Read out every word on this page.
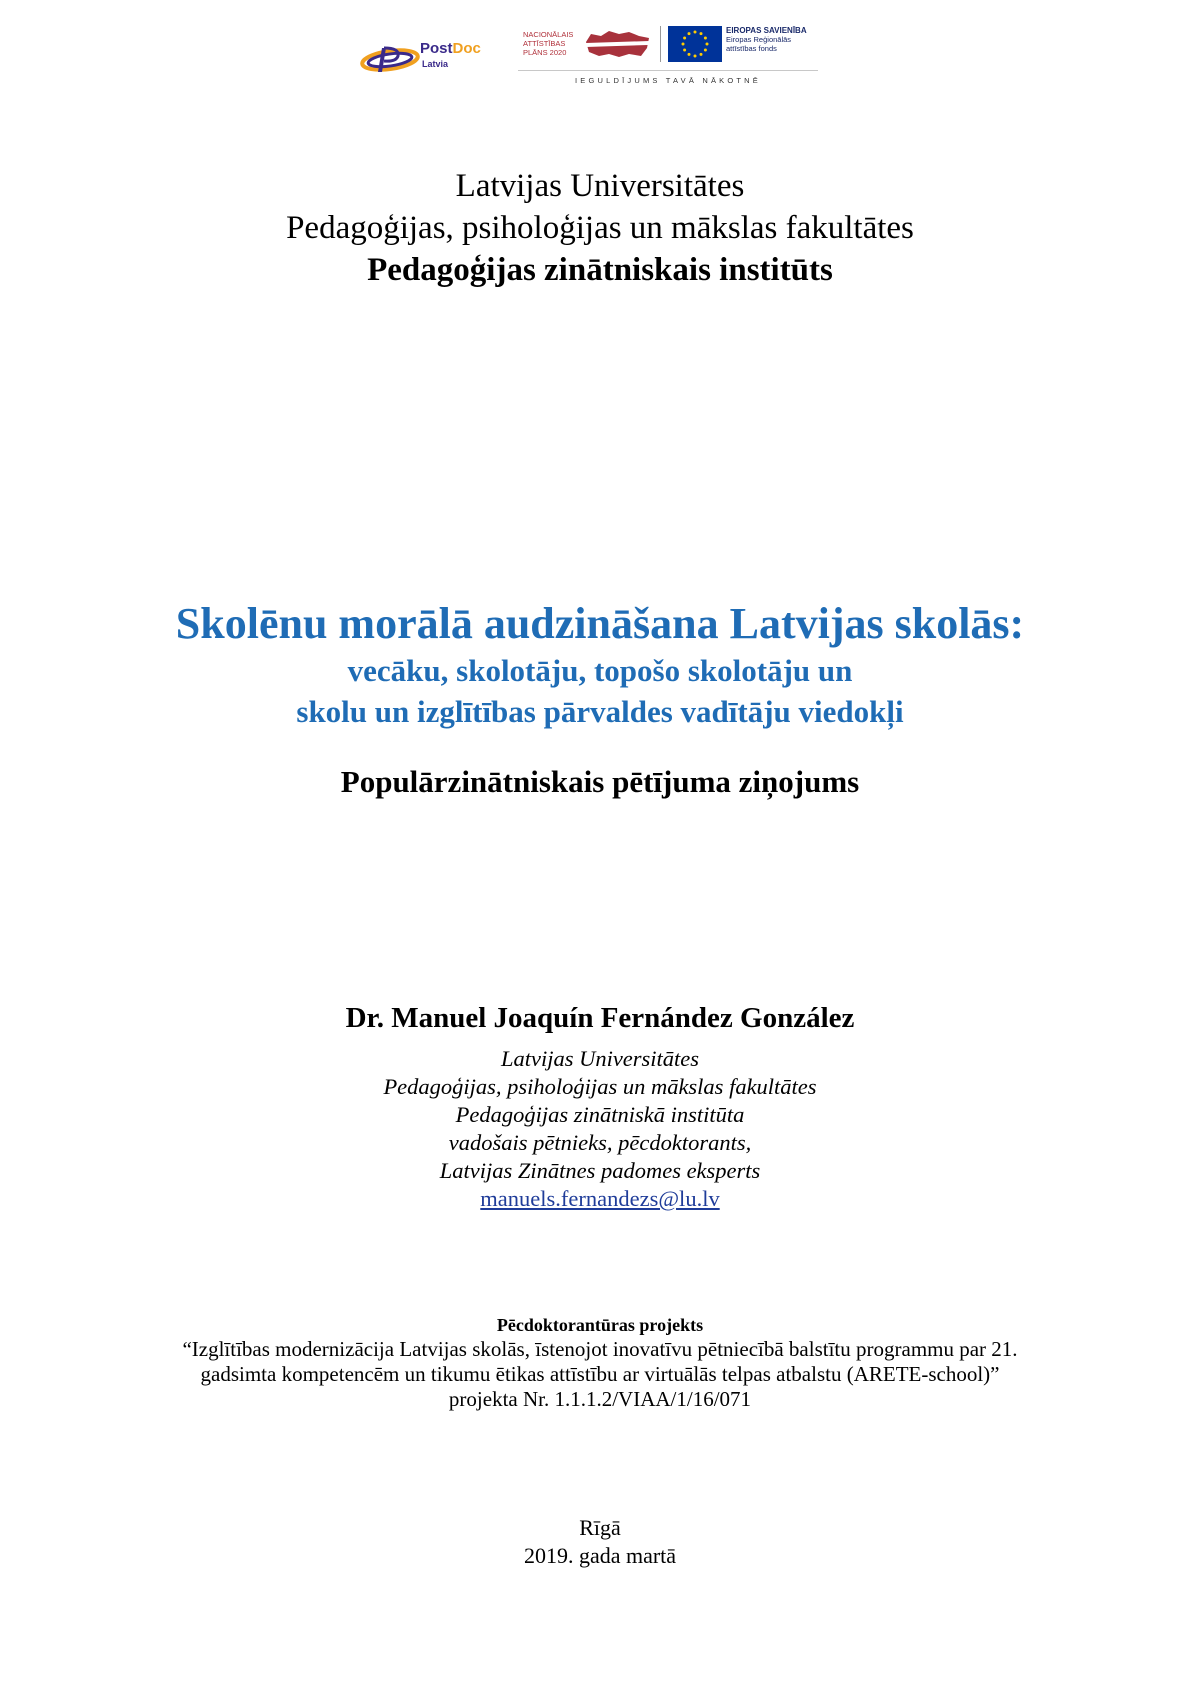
PostDoc
Latvia
NACIONĀLAIS
ATTĪSTĪBAS
PLĀNS 2020
EIROPAS SAVIENĪBA
Eiropas Reģionālās
attīstības fonds
IEGULDĪJUMS TAVĀ NĀKOTNĒ
Latvijas Universitātes
Pedagoģijas, psiholoģijas un mākslas fakultātes
Pedagoģijas zinātniskais institūts
Skolēnu morālā audzināšana Latvijas skolās:
vecāku, skolotāju, topošo skolotāju un
skolu un izglītības pārvaldes vadītāju viedokļi
Populārzinātniskais pētījuma ziņojums
Dr. Manuel Joaquín Fernández González
Latvijas Universitātes
Pedagoģijas, psiholoģijas un mākslas fakultātes
Pedagoģijas zinātniskā institūta
vadošais pētnieks, pēcdoktorants,
Latvijas Zinātnes padomes eksperts
manuels.fernandezs@lu.lv
Pēcdoktorantūras projekts
“Izglītības modernizācija Latvijas skolās, īstenojot inovatīvu pētniecībā balstītu programmu par 21.
gadsimta kompetencēm un tikumu ētikas attīstību ar virtuālās telpas atbalstu (ARETE-school)”
projekta Nr. 1.1.1.2/VIAA/1/16/071
Rīgā
2019. gada martā
